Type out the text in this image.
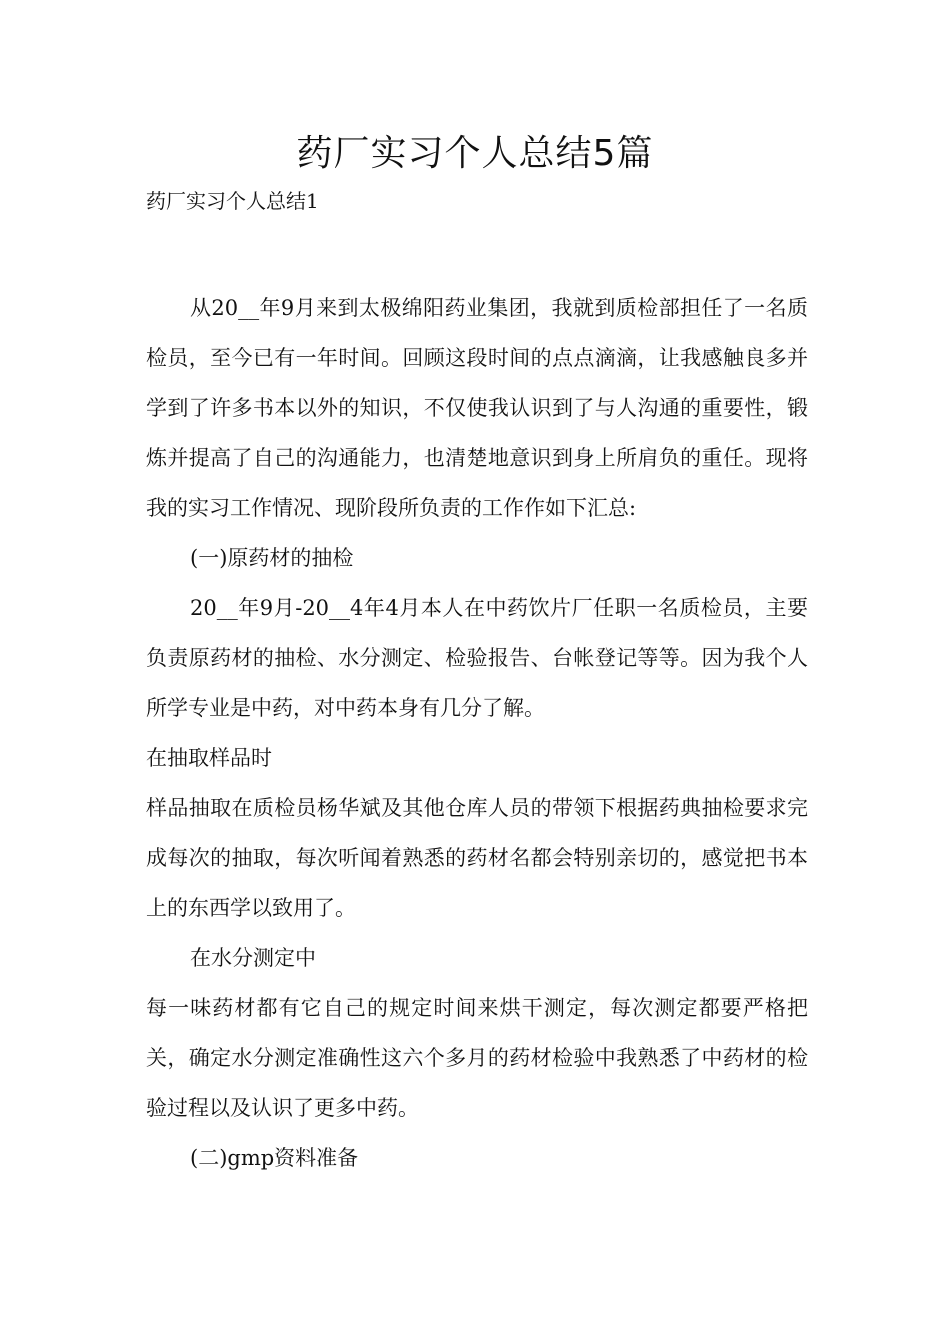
药厂实习个人总结5篇

药厂实习个人总结1

从20__年9月来到太极绵阳药业集团，我就到质检部担任了一名质检员，至今已有一年时间。回顾这段时间的点点滴滴，让我感触良多并学到了许多书本以外的知识，不仅使我认识到了与人沟通的重要性，锻炼并提高了自己的沟通能力，也清楚地意识到身上所肩负的重任。现将我的实习工作情况、现阶段所负责的工作作如下汇总:

(一)原药材的抽检

20__年9月-20__4年4月本人在中药饮片厂任职一名质检员，主要负责原药材的抽检、水分测定、检验报告、台帐登记等等。因为我个人所学专业是中药，对中药本身有几分了解。

在抽取样品时

样品抽取在质检员杨华斌及其他仓库人员的带领下根据药典抽检要求完成每次的抽取，每次听闻着熟悉的药材名都会特别亲切的，感觉把书本上的东西学以致用了。

在水分测定中

每一味药材都有它自己的规定时间来烘干测定，每次测定都要严格把关，确定水分测定准确性这六个多月的药材检验中我熟悉了中药材的检验过程以及认识了更多中药。

(二)gmp资料准备
